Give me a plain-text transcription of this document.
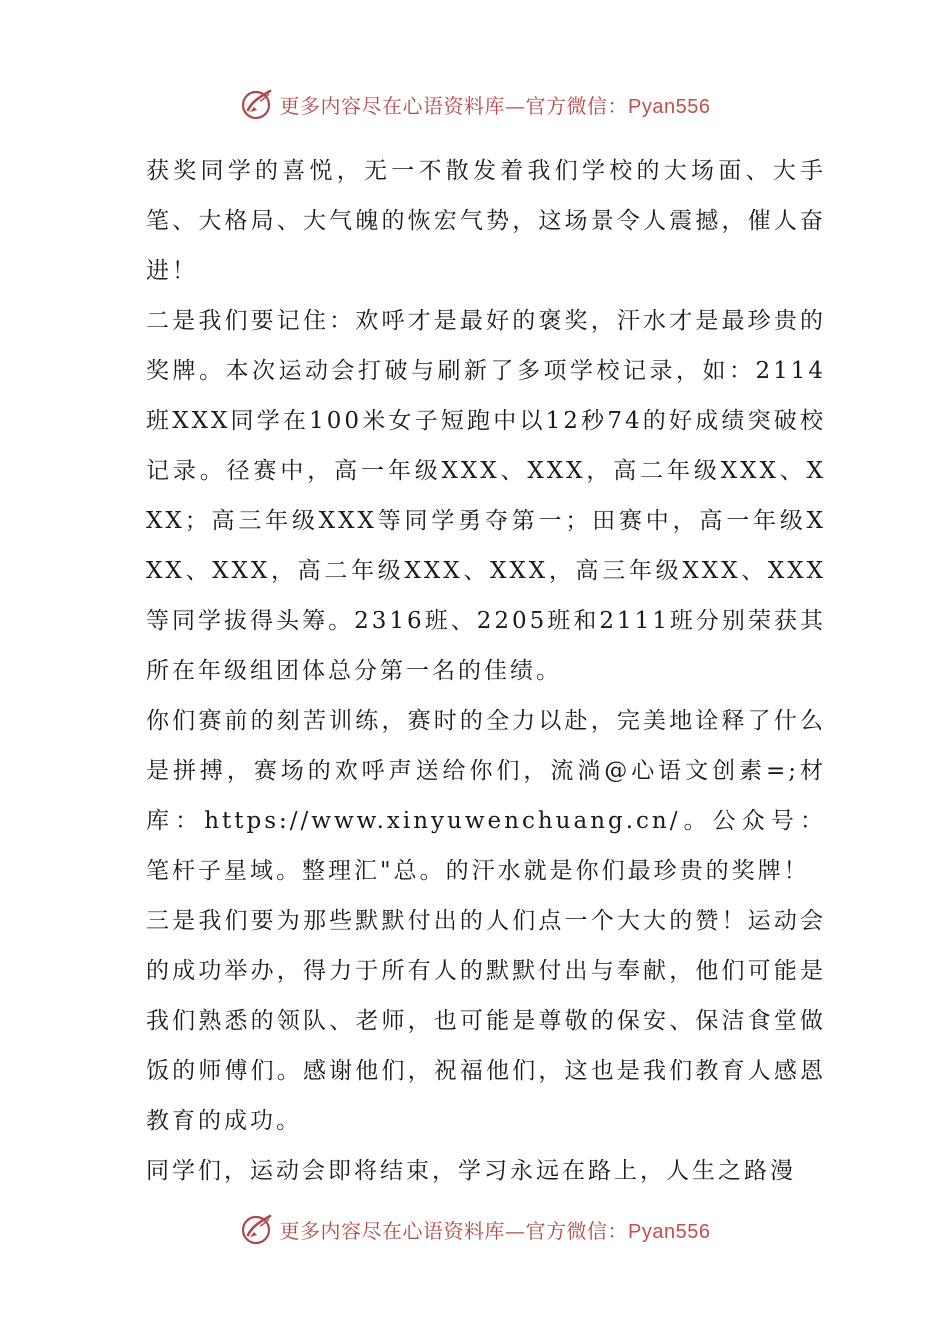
更多内容尽在心语资料库—官方微信：Pyan556

获奖同学的喜悦，无一不散发着我们学校的大场面、大手笔、大格局、大气魄的恢宏气势，这场景令人震撼，催人奋进！

二是我们要记住：欢呼才是最好的褒奖，汗水才是最珍贵的奖牌。本次运动会打破与刷新了多项学校记录，如：2114班XXX同学在100米女子短跑中以12秒74的好成绩突破校记录。径赛中，高一年级XXX、XXX，高二年级XXX、XXX；高三年级XXX等同学勇夺第一；田赛中，高一年级XXX、XXX，高二年级XXX、XXX，高三年级XXX、XXX等同学拔得头筹。2316班、2205班和2111班分别荣获其所在年级组团体总分第一名的佳绩。

你们赛前的刻苦训练，赛时的全力以赴，完美地诠释了什么是拼搏，赛场的欢呼声送给你们，流淌@心语文创素=;材库：https://www.xinyuwenchuang.cn/。公众号：笔杆子星域。整理汇"总。的汗水就是你们最珍贵的奖牌！

三是我们要为那些默默付出的人们点一个大大的赞！运动会的成功举办，得力于所有人的默默付出与奉献，他们可能是我们熟悉的领队、老师，也可能是尊敬的保安、保洁食堂做饭的师傅们。感谢他们，祝福他们，这也是我们教育人感恩教育的成功。

同学们，运动会即将结束，学习永远在路上，人生之路漫

更多内容尽在心语资料库—官方微信：Pyan556
